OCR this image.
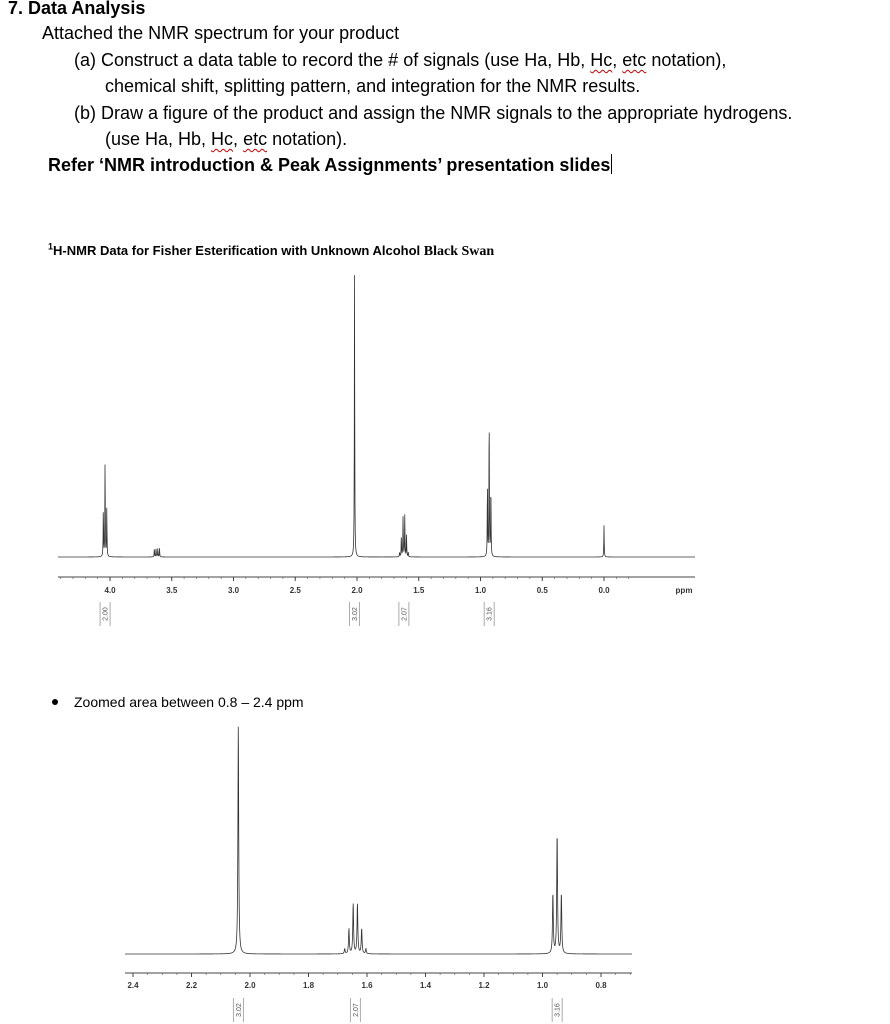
7. Data Analysis
Attached the NMR spectrum for your product
(a) Construct a data table to record the # of signals (use Ha, Hb, Hc, etc notation),
chemical shift, splitting pattern, and integration for the NMR results.
(b) Draw a figure of the product and assign the NMR signals to the appropriate hydrogens.
(use Ha, Hb, Hc, etc notation).
Refer ‘NMR introduction & Peak Assignments’ presentation slides
$^1$H-NMR Data for Fisher Esterification with Unknown Alcohol Black Swan
4.0	3.5	3.0	2.5	2.0	1.5	1.0	0.5	0.0	ppm
2.00	3.02	2.07	3.16
Zoomed area between 0.8 – 2.4 ppm
2.4	2.2	2.0	1.8	1.6	1.4	1.2	1.0	0.8
3.02	2.07	3.16
